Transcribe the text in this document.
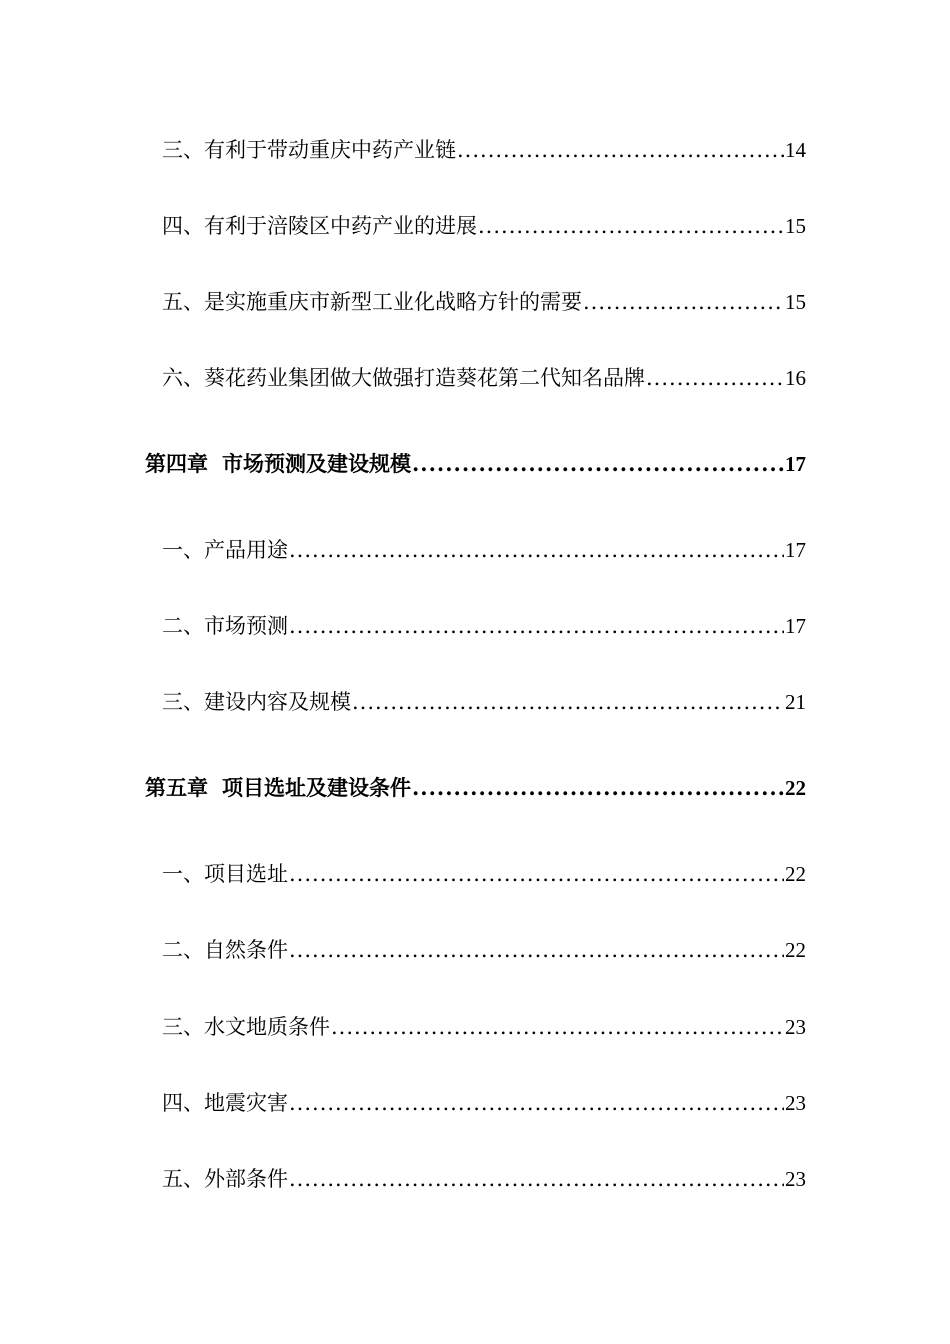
三、有利于带动重庆中药产业链 .....	14
四、有利于涪陵区中药产业的进展 .....	15
五、是实施重庆市新型工业化战略方针的需要 .....	15
六、葵花药业集团做大做强打造葵花第二代知名品牌 .....	16
第四章 市场预测及建设规模 .....	17
一、产品用途 .....	17
二、市场预测 .....	17
三、建设内容及规模 .....	21
第五章 项目选址及建设条件 .....	22
一、项目选址 .....	22
二、自然条件 .....	22
三、水文地质条件 .....	23
四、地震灾害 .....	23
五、外部条件 .....	23
